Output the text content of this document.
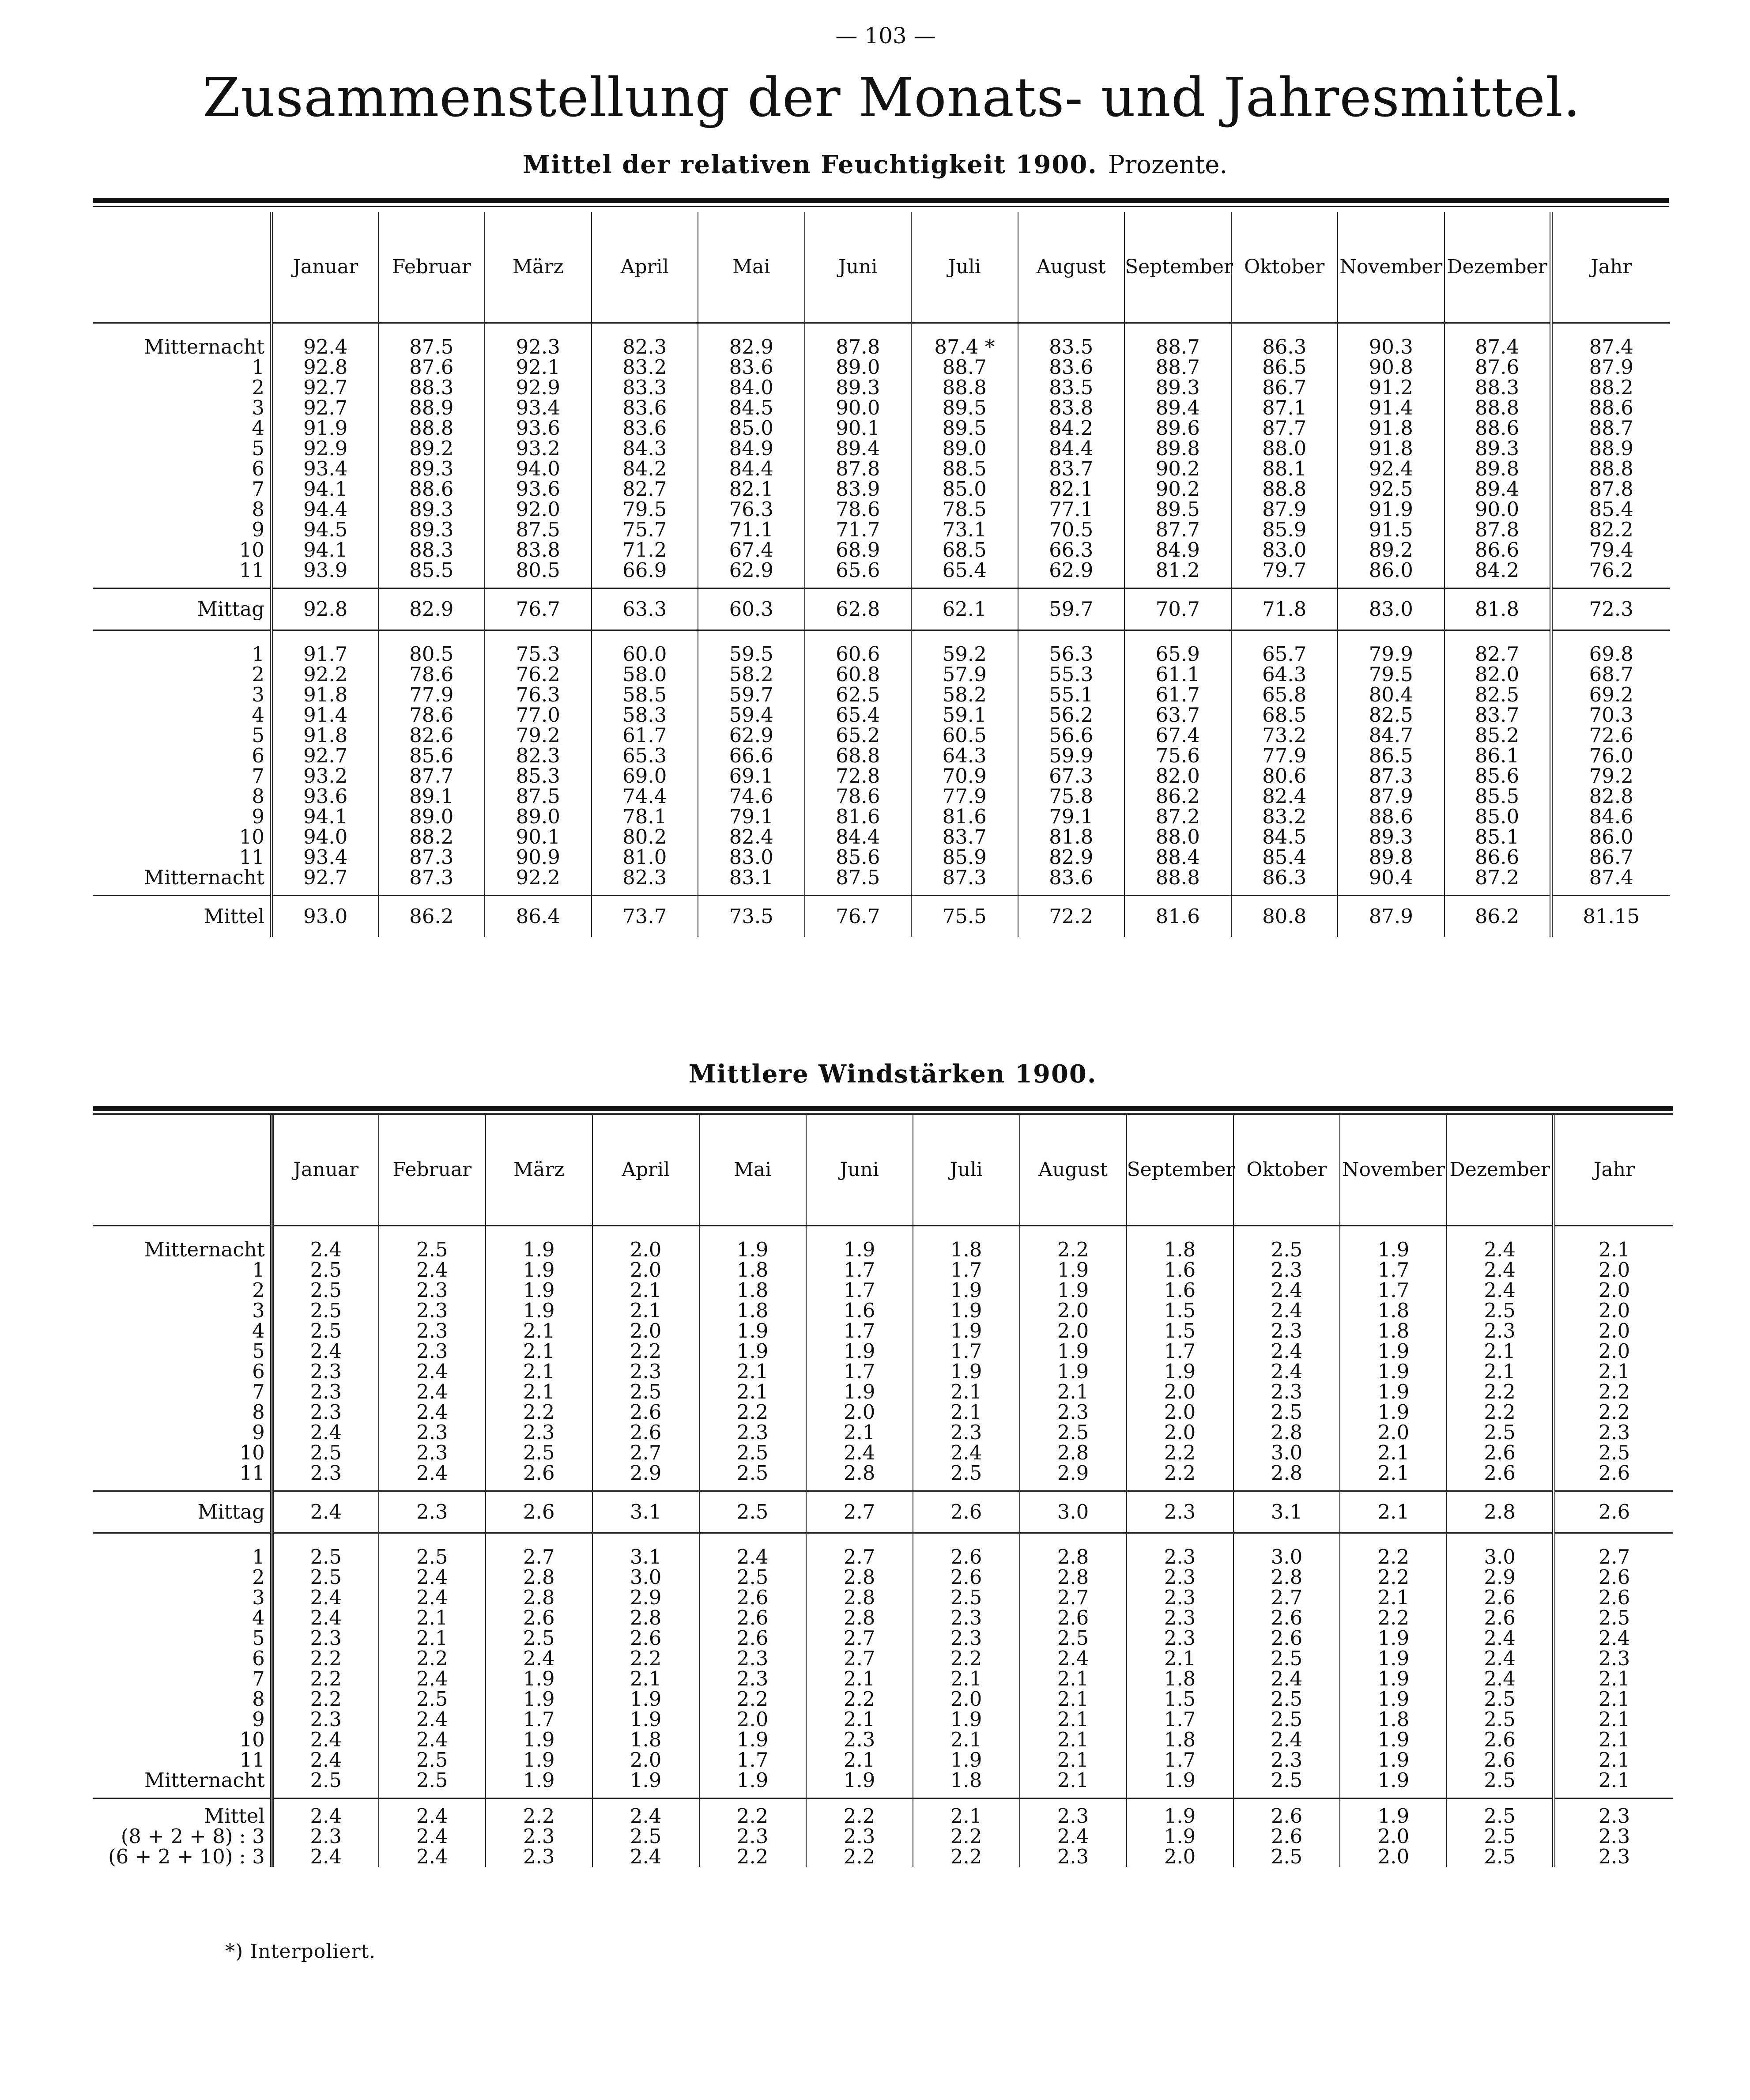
— 103 —
Zusammenstellung der Monats- und Jahresmittel.
Mittel der relativen Feuchtigkeit 1900. Prozente.
	Januar	Februar	März	April	Mai	Juni	Juli	August	September	Oktober	November	Dezember	Jahr

Mitternacht	92.4	87.5	92.3	82.3	82.9	87.8	87.4 *	83.5	88.7	86.3	90.3	87.4	87.4
1	92.8	87.6	92.1	83.2	83.6	89.0	88.7	83.6	88.7	86.5	90.8	87.6	87.9
2	92.7	88.3	92.9	83.3	84.0	89.3	88.8	83.5	89.3	86.7	91.2	88.3	88.2
3	92.7	88.9	93.4	83.6	84.5	90.0	89.5	83.8	89.4	87.1	91.4	88.8	88.6
4	91.9	88.8	93.6	83.6	85.0	90.1	89.5	84.2	89.6	87.7	91.8	88.6	88.7
5	92.9	89.2	93.2	84.3	84.9	89.4	89.0	84.4	89.8	88.0	91.8	89.3	88.9
6	93.4	89.3	94.0	84.2	84.4	87.8	88.5	83.7	90.2	88.1	92.4	89.8	88.8
7	94.1	88.6	93.6	82.7	82.1	83.9	85.0	82.1	90.2	88.8	92.5	89.4	87.8
8	94.4	89.3	92.0	79.5	76.3	78.6	78.5	77.1	89.5	87.9	91.9	90.0	85.4
9	94.5	89.3	87.5	75.7	71.1	71.7	73.1	70.5	87.7	85.9	91.5	87.8	82.2
10	94.1	88.3	83.8	71.2	67.4	68.9	68.5	66.3	84.9	83.0	89.2	86.6	79.4
11	93.9	85.5	80.5	66.9	62.9	65.6	65.4	62.9	81.2	79.7	86.0	84.2	76.2

Mittag	92.8	82.9	76.7	63.3	60.3	62.8	62.1	59.7	70.7	71.8	83.0	81.8	72.3

1	91.7	80.5	75.3	60.0	59.5	60.6	59.2	56.3	65.9	65.7	79.9	82.7	69.8
2	92.2	78.6	76.2	58.0	58.2	60.8	57.9	55.3	61.1	64.3	79.5	82.0	68.7
3	91.8	77.9	76.3	58.5	59.7	62.5	58.2	55.1	61.7	65.8	80.4	82.5	69.2
4	91.4	78.6	77.0	58.3	59.4	65.4	59.1	56.2	63.7	68.5	82.5	83.7	70.3
5	91.8	82.6	79.2	61.7	62.9	65.2	60.5	56.6	67.4	73.2	84.7	85.2	72.6
6	92.7	85.6	82.3	65.3	66.6	68.8	64.3	59.9	75.6	77.9	86.5	86.1	76.0
7	93.2	87.7	85.3	69.0	69.1	72.8	70.9	67.3	82.0	80.6	87.3	85.6	79.2
8	93.6	89.1	87.5	74.4	74.6	78.6	77.9	75.8	86.2	82.4	87.9	85.5	82.8
9	94.1	89.0	89.0	78.1	79.1	81.6	81.6	79.1	87.2	83.2	88.6	85.0	84.6
10	94.0	88.2	90.1	80.2	82.4	84.4	83.7	81.8	88.0	84.5	89.3	85.1	86.0
11	93.4	87.3	90.9	81.0	83.0	85.6	85.9	82.9	88.4	85.4	89.8	86.6	86.7
Mitternacht	92.7	87.3	92.2	82.3	83.1	87.5	87.3	83.6	88.8	86.3	90.4	87.2	87.4

Mittel	93.0	86.2	86.4	73.7	73.5	76.7	75.5	72.2	81.6	80.8	87.9	86.2	81.15
Mittlere Windstärken 1900.
	Januar	Februar	März	April	Mai	Juni	Juli	August	September	Oktober	November	Dezember	Jahr

Mitternacht	2.4	2.5	1.9	2.0	1.9	1.9	1.8	2.2	1.8	2.5	1.9	2.4	2.1
1	2.5	2.4	1.9	2.0	1.8	1.7	1.7	1.9	1.6	2.3	1.7	2.4	2.0
2	2.5	2.3	1.9	2.1	1.8	1.7	1.9	1.9	1.6	2.4	1.7	2.4	2.0
3	2.5	2.3	1.9	2.1	1.8	1.6	1.9	2.0	1.5	2.4	1.8	2.5	2.0
4	2.5	2.3	2.1	2.0	1.9	1.7	1.9	2.0	1.5	2.3	1.8	2.3	2.0
5	2.4	2.3	2.1	2.2	1.9	1.9	1.7	1.9	1.7	2.4	1.9	2.1	2.0
6	2.3	2.4	2.1	2.3	2.1	1.7	1.9	1.9	1.9	2.4	1.9	2.1	2.1
7	2.3	2.4	2.1	2.5	2.1	1.9	2.1	2.1	2.0	2.3	1.9	2.2	2.2
8	2.3	2.4	2.2	2.6	2.2	2.0	2.1	2.3	2.0	2.5	1.9	2.2	2.2
9	2.4	2.3	2.3	2.6	2.3	2.1	2.3	2.5	2.0	2.8	2.0	2.5	2.3
10	2.5	2.3	2.5	2.7	2.5	2.4	2.4	2.8	2.2	3.0	2.1	2.6	2.5
11	2.3	2.4	2.6	2.9	2.5	2.8	2.5	2.9	2.2	2.8	2.1	2.6	2.6

Mittag	2.4	2.3	2.6	3.1	2.5	2.7	2.6	3.0	2.3	3.1	2.1	2.8	2.6

1	2.5	2.5	2.7	3.1	2.4	2.7	2.6	2.8	2.3	3.0	2.2	3.0	2.7
2	2.5	2.4	2.8	3.0	2.5	2.8	2.6	2.8	2.3	2.8	2.2	2.9	2.6
3	2.4	2.4	2.8	2.9	2.6	2.8	2.5	2.7	2.3	2.7	2.1	2.6	2.6
4	2.4	2.1	2.6	2.8	2.6	2.8	2.3	2.6	2.3	2.6	2.2	2.6	2.5
5	2.3	2.1	2.5	2.6	2.6	2.7	2.3	2.5	2.3	2.6	1.9	2.4	2.4
6	2.2	2.2	2.4	2.2	2.3	2.7	2.2	2.4	2.1	2.5	1.9	2.4	2.3
7	2.2	2.4	1.9	2.1	2.3	2.1	2.1	2.1	1.8	2.4	1.9	2.4	2.1
8	2.2	2.5	1.9	1.9	2.2	2.2	2.0	2.1	1.5	2.5	1.9	2.5	2.1
9	2.3	2.4	1.7	1.9	2.0	2.1	1.9	2.1	1.7	2.5	1.8	2.5	2.1
10	2.4	2.4	1.9	1.8	1.9	2.3	2.1	2.1	1.8	2.4	1.9	2.6	2.1
11	2.4	2.5	1.9	2.0	1.7	2.1	1.9	2.1	1.7	2.3	1.9	2.6	2.1
Mitternacht	2.5	2.5	1.9	1.9	1.9	1.9	1.8	2.1	1.9	2.5	1.9	2.5	2.1

Mittel	2.4	2.4	2.2	2.4	2.2	2.2	2.1	2.3	1.9	2.6	1.9	2.5	2.3
(8 + 2 + 8) : 3	2.3	2.4	2.3	2.5	2.3	2.3	2.2	2.4	1.9	2.6	2.0	2.5	2.3
(6 + 2 + 10) : 3	2.4	2.4	2.3	2.4	2.2	2.2	2.2	2.3	2.0	2.5	2.0	2.5	2.3
*) Interpoliert.
